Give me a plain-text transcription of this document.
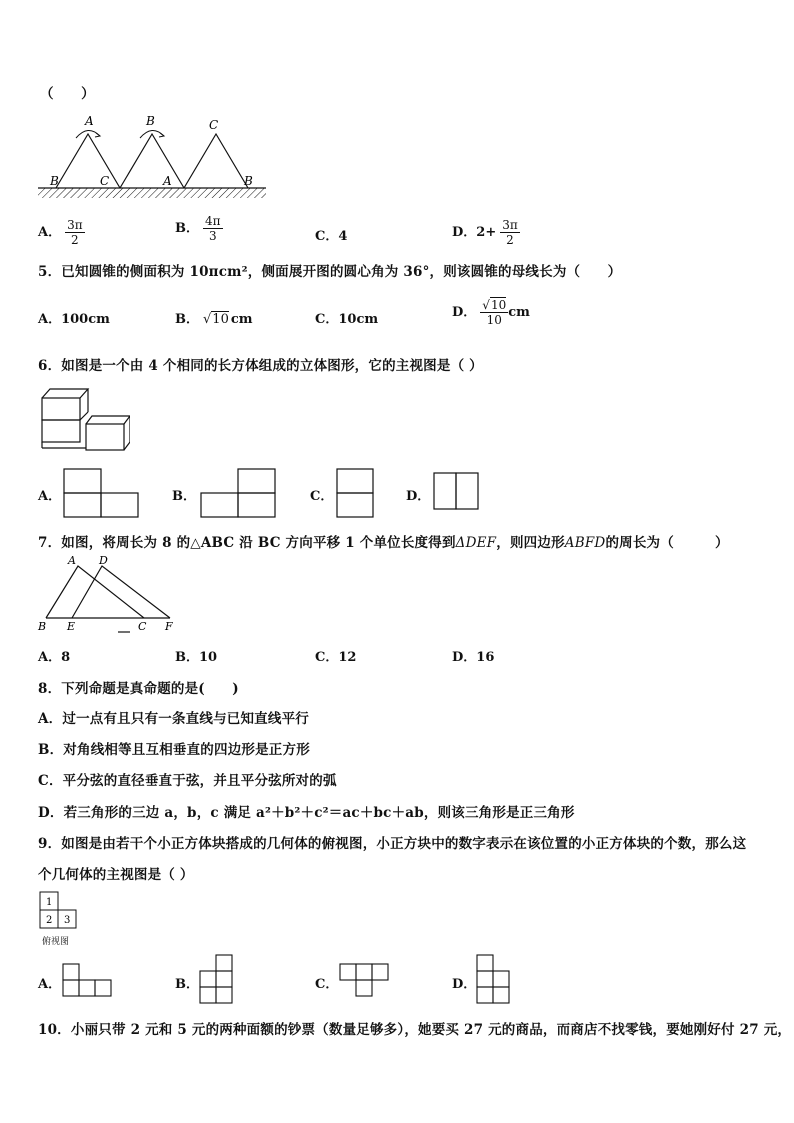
（　　）
A
B	C
B	C
A	B
A． $\frac{3\pi}{2}$	B． $\frac{4\pi}{3}$	C．4	D．$2+ \frac{3\pi}{2}$
5．已知圆锥的侧面积为 10πcm²，侧面展开图的圆心角为 36°，则该圆锥的母线长为（　　）
A．100cm	B． √10 cm	C．10cm	D． $\frac{√10}{10}$ cm
6．如图是一个由 4 个相同的长方体组成的立体图形，它的主视图是（ ）
A．	B．	C．	D．
7．如图，将周长为 8 的△ABC 沿 BC 方向平移 1 个单位长度得到ΔDEF，则四边形ABFD的周长为（　　　）
A D
B E	C F
A．8	B．10	C．12	D．16
8．下列命题是真命题的是(　　)
A．过一点有且只有一条直线与已知直线平行
B．对角线相等且互相垂直的四边形是正方形
C．平分弦的直径垂直于弦，并且平分弦所对的弧
D．若三角形的三边 a，b，c 满足 a²＋b²＋c²＝ac＋bc＋ab，则该三角形是正三角形
9．如图是由若干个小正方体块搭成的几何体的俯视图，小正方块中的数字表示在该位置的小正方体块的个数，那么这
个几何体的主视图是（ ）
1
2 3
俯视图
A．	B．	C．	D．
10．小丽只带 2 元和 5 元的两种面额的钞票（数量足够多），她要买 27 元的商品，而商店不找零钱，要她刚好付 27 元，
